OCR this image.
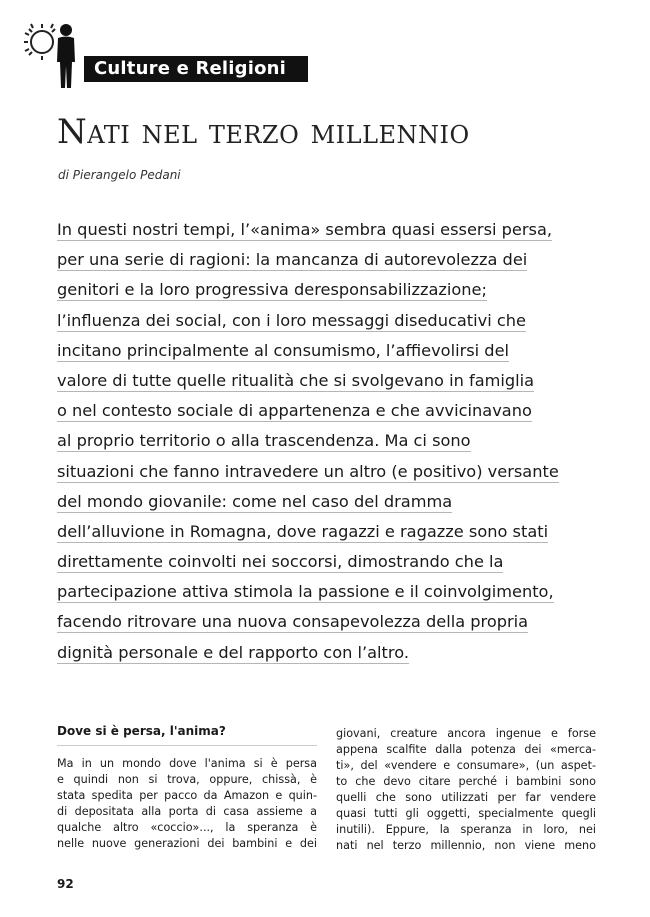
Culture e Religioni
Nati nel terzo millennio
di Pierangelo Pedani
In questi nostri tempi, l’«anima» sembra quasi essersi persa,
per una serie di ragioni: la mancanza di autorevolezza dei
genitori e la loro progressiva deresponsabilizzazione;
l’influenza dei social, con i loro messaggi diseducativi che
incitano principalmente al consumismo, l’affievolirsi del
valore di tutte quelle ritualità che si svolgevano in famiglia
o nel contesto sociale di appartenenza e che avvicinavano
al proprio territorio o alla trascendenza. Ma ci sono
situazioni che fanno intravedere un altro (e positivo) versante
del mondo giovanile: come nel caso del dramma
dell’alluvione in Romagna, dove ragazzi e ragazze sono stati
direttamente coinvolti nei soccorsi, dimostrando che la
partecipazione attiva stimola la passione e il coinvolgimento,
facendo ritrovare una nuova consapevolezza della propria
dignità personale e del rapporto con l’altro.
Dove si è persa, l'anima?
Ma in un mondo dove l'anima si è persa
e quindi non si trova, oppure, chissà, è
stata spedita per pacco da Amazon e quin-
di depositata alla porta di casa assieme a
qualche altro «coccio»..., la speranza è
nelle nuove generazioni dei bambini e dei
giovani, creature ancora ingenue e forse
appena scalfite dalla potenza dei «merca-
ti», del «vendere e consumare», (un aspet-
to che devo citare perché i bambini sono
quelli che sono utilizzati per far vendere
quasi tutti gli oggetti, specialmente quegli
inutili). Eppure, la speranza in loro, nei
nati nel terzo millennio, non viene meno
92
